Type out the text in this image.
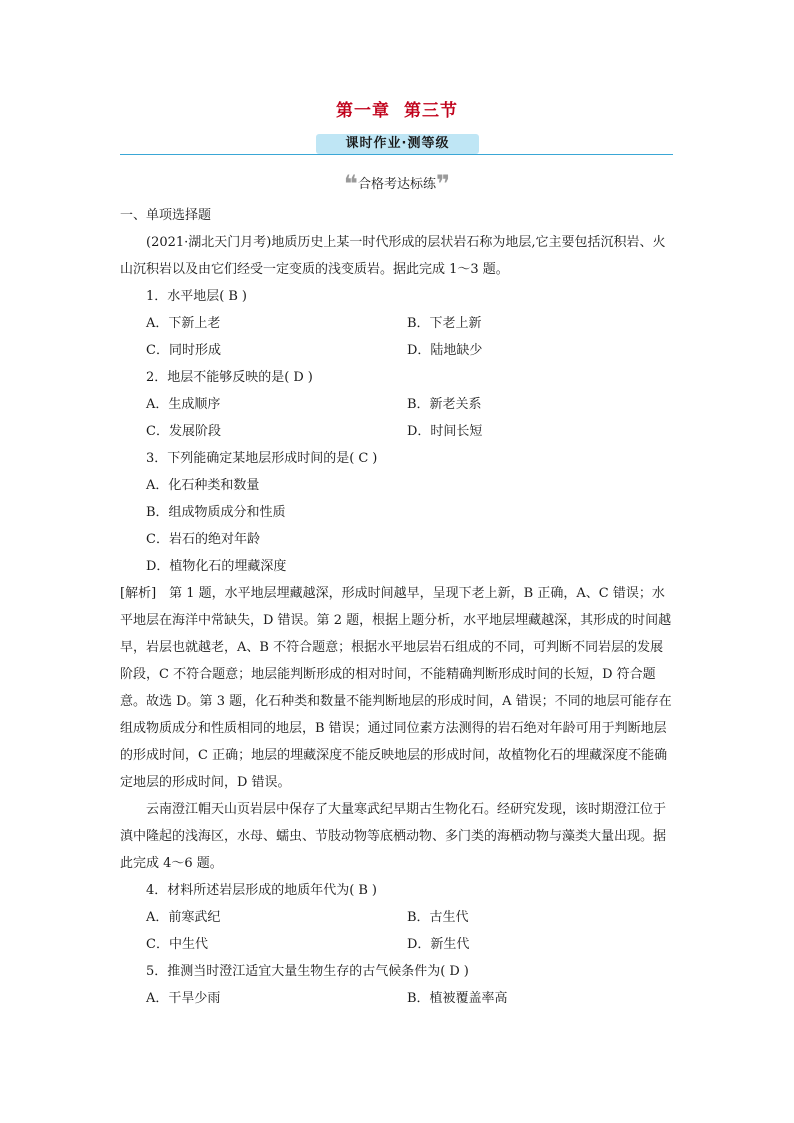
第一章 第三节
课时作业·测等级
❝合格考达标练❞

一、单项选择题

(2021·湖北天门月考)地质历史上某一时代形成的层状岩石称为地层,它主要包括沉积岩、火山沉积岩以及由它们经受一定变质的浅变质岩。据此完成 1～3 题。

1．水平地层( B )

A．下新上老	B．下老上新
C．同时形成	D．陆地缺少

2．地层不能够反映的是( D )

A．生成顺序	B．新老关系
C．发展阶段	D．时间长短

3．下列能确定某地层形成时间的是( C )

A．化石种类和数量

B．组成物质成分和性质

C．岩石的绝对年龄

D．植物化石的埋藏深度

[解析]　第 1 题，水平地层埋藏越深，形成时间越早，呈现下老上新，B 正确，A、C 错误；水平地层在海洋中常缺失，D 错误。第 2 题，根据上题分析，水平地层埋藏越深，其形成的时间越早，岩层也就越老，A、B 不符合题意；根据水平地层岩石组成的不同，可判断不同岩层的发展阶段，C 不符合题意；地层能判断形成的相对时间，不能精确判断形成时间的长短，D 符合题意。故选 D。第 3 题，化石种类和数量不能判断地层的形成时间，A 错误；不同的地层可能存在组成物质成分和性质相同的地层，B 错误；通过同位素方法测得的岩石绝对年龄可用于判断地层的形成时间，C 正确；地层的埋藏深度不能反映地层的形成时间，故植物化石的埋藏深度不能确定地层的形成时间，D 错误。

云南澄江帽天山页岩层中保存了大量寒武纪早期古生物化石。经研究发现，该时期澄江位于滇中隆起的浅海区，水母、蠕虫、节肢动物等底栖动物、多门类的海栖动物与藻类大量出现。据此完成 4～6 题。

4．材料所述岩层形成的地质年代为( B )

A．前寒武纪	B．古生代
C．中生代	D．新生代

5．推测当时澄江适宜大量生物生存的古气候条件为( D )

A．干旱少雨	B．植被覆盖率高
